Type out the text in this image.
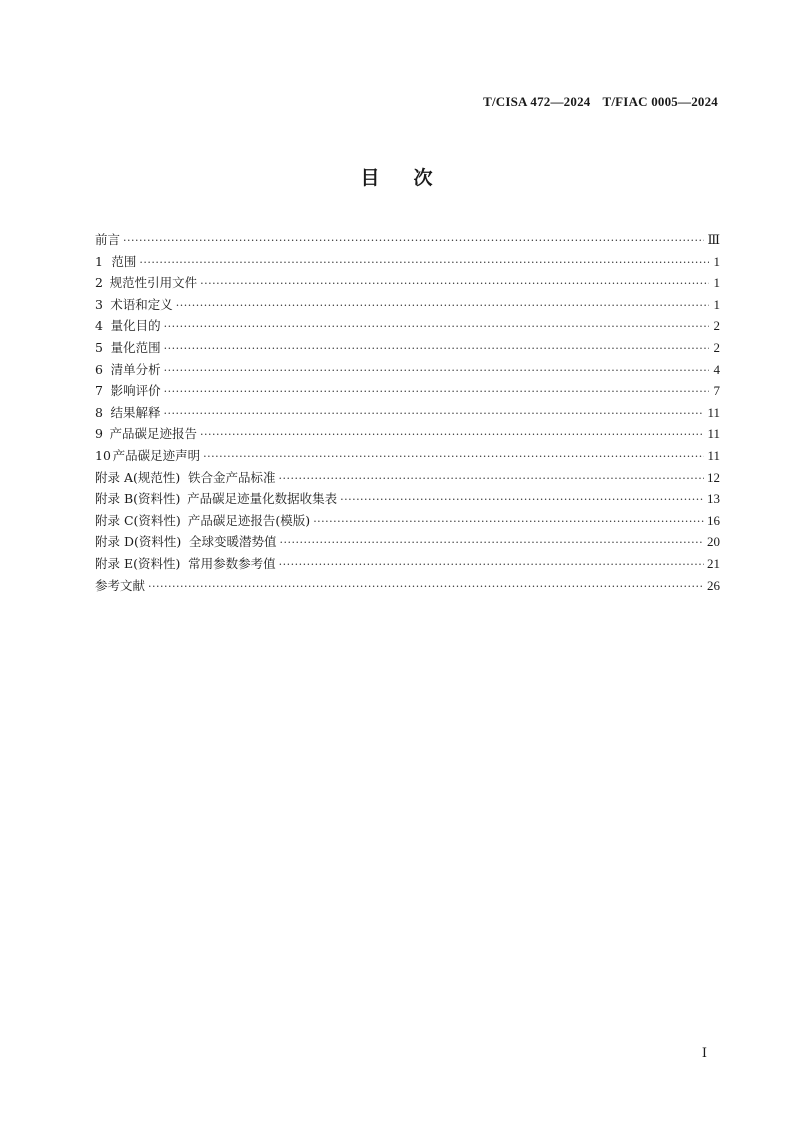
T/CISA 472—2024 T/FIAC 0005—2024
目 次
前言 ·····	Ⅲ
1 范围 ·····	1
2 规范性引用文件 ·····	1
3 术语和定义 ·····	1
4 量化目的 ·····	2
5 量化范围 ·····	2
6 清单分析 ·····	4
7 影响评价 ·····	7
8 结果解释 ·····	11
9 产品碳足迹报告 ·····	11
10 产品碳足迹声明 ·····	11
附录 A(规范性) 铁合金产品标准 ·····	12
附录 B(资料性) 产品碳足迹量化数据收集表 ·····	13
附录 C(资料性) 产品碳足迹报告(模版) ·····	16
附录 D(资料性) 全球变暖潜势值 ·····	20
附录 E(资料性) 常用参数参考值 ·····	21
参考文献 ·····	26
Ⅰ
